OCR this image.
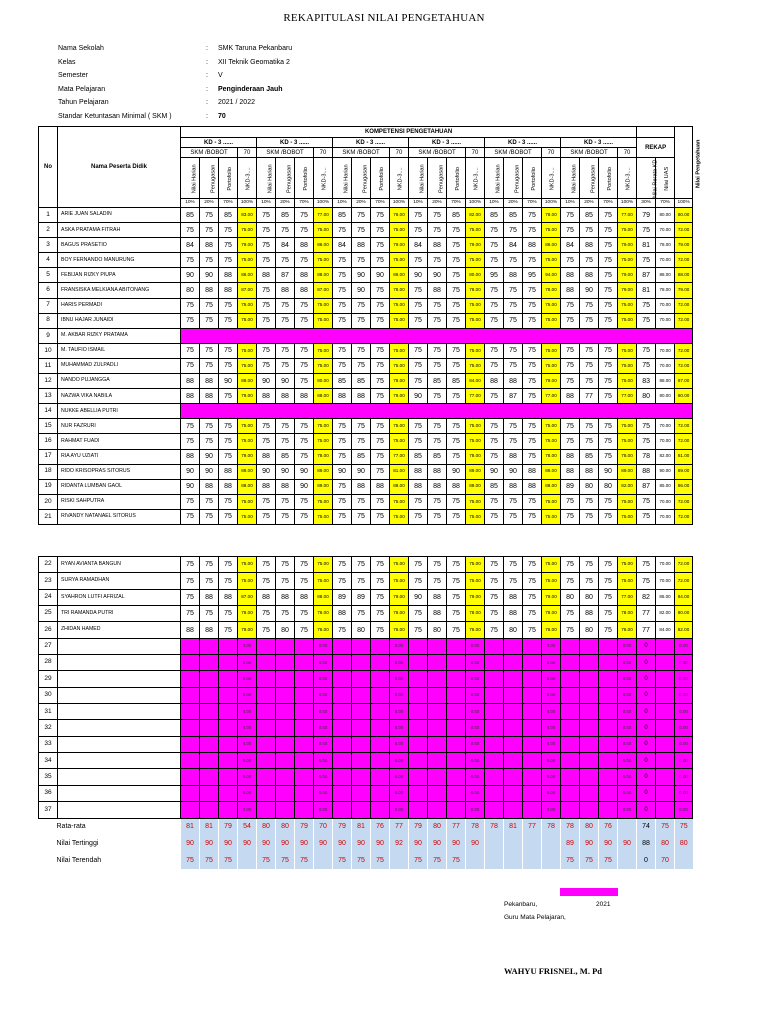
REKAPITULASI NILAI PENGETAHUAN
Nama Sekolah	:	SMK Taruna Pekanbaru
Kelas	:	XII Teknik Geomatika 2
Semester	:	V
Mata Pelajaran	:	Penginderaan Jauh
Tahun Pelajaran	:	2021 / 2022
Standar Ketuntasan Minimal ( SKM )	:	70
No	Nama Peserta Didik	KOMPETENSI PENGETAHUAN																										Nilai Pengetahuan
		KD - 3 ......				KD - 3 ......				KD - 3 ......				KD - 3 ......				KD - 3 ......				KD - 3 ......				REKAP		
		SKM /BOBOT			70	SKM /BOBOT			70	SKM /BOBOT			70	SKM /BOBOT			70	SKM /BOBOT			70	SKM /BOBOT			70			
		Nilai Harian	Penugasan	Portofolio	NKD-3....	Nilai Harian	Penugasan	Portofolio	NKD-3....	Nilai Harian	Penugasan	Portofolio	NKD-3....	Nilai Harian	Penugasan	Portofolio	NKD-3....	Nilai Harian	Penugasan	Portofolio	NKD-3....	Nilai Harian	Penugasan	Portofolio	NKD-3....	Nilai Rerata KD	Nilai UAS	
		10%	20%	70%	100%	10%	20%	70%	100%	10%	20%	70%	100%	10%	20%	70%	100%	10%	20%	70%	100%	10%	20%	70%	100%	30%	70%	100%
1	ARIE JUAN SALADIN	85	75	85	83.00	75	85	75	77.00	85	75	75	76.00	75	75	85	82.00	85	85	75	78.00	75	85	75	77.00	79	80.00	80.00
2	ASKA PRATAMA FITRAH	75	75	75	75.00	75	75	75	75.00	75	75	75	75.00	75	75	75	75.00	75	75	75	75.00	75	75	75	75.00	75	70.00	72.00
3	BAGUS PRASETIO	84	88	75	79.00	75	84	88	86.00	84	88	75	79.00	84	88	75	79.00	75	84	88	86.00	84	88	75	79.00	81	78.00	79.00
4	BOY FERNANDO MANURUNG	75	75	75	75.00	75	75	75	75.00	75	75	75	75.00	75	75	75	75.00	75	75	75	75.00	75	75	75	75.00	75	70.00	72.00
5	FEBIJAN RIZKY PIUPA	90	90	88	86.00	88	87	88	88.00	75	90	90	89.00	90	90	75	80.00	95	88	95	94.00	88	88	75	79.00	87	88.00	88.00
6	FRANSISKA MELKIANA ABITONANG	80	88	88	87.00	75	88	88	87.00	75	90	75	78.00	75	88	75	78.00	75	75	75	78.00	88	90	75	79.00	81	78.00	79.00
7	HARIS PERMADI	75	75	75	75.00	75	75	75	75.00	75	75	75	75.00	75	75	75	75.00	75	75	75	75.00	75	75	75	75.00	75	70.00	72.00
8	IBNU HAJAR JUNAIDI	75	75	75	75.00	75	75	75	75.00	75	75	75	75.00	75	75	75	75.00	75	75	75	75.00	75	75	75	75.00	75	70.00	72.00
9	M. AKBAR RIZKY PRATAMA																											
10	M. TAUFIO ISMAIL	75	75	75	75.00	75	75	75	75.00	75	75	75	75.00	75	75	75	75.00	75	75	75	75.00	75	75	75	75.00	75	70.00	72.00
11	MUHAMMAD ZULPADLI	75	75	75	75.00	75	75	75	75.00	75	75	75	75.00	75	75	75	75.00	75	75	75	75.00	75	75	75	75.00	75	70.00	72.00
12	NANDO PUJANGGA	88	88	90	89.00	90	90	75	80.00	85	85	75	78.00	75	85	85	84.00	88	88	75	79.00	75	75	75	75.00	83	88.00	87.00
13	NAZWA VIKA NABILA	88	88	75	79.00	88	88	88	88.00	88	88	75	79.00	90	75	75	77.00	75	87	75	77.00	88	77	75	77.00	80	80.00	80.00
14	NUKKE ABELLIA PUTRI																											
15	NUR FAZRURI	75	75	75	75.00	75	75	75	75.00	75	75	75	75.00	75	75	75	75.00	75	75	75	75.00	75	75	75	75.00	75	70.00	72.00
16	RAHMAT FUADI	75	75	75	75.00	75	75	75	75.00	75	75	75	75.00	75	75	75	75.00	75	75	75	75.00	75	75	75	75.00	75	70.00	72.00
17	RIA AYU UZIATI	88	90	75	79.00	88	85	75	78.00	75	85	75	77.00	85	85	75	78.00	75	88	75	78.00	88	85	75	78.00	78	82.00	81.00
18	RIDO KRISOPRAS SITORUS	90	90	88	89.00	90	90	90	89.00	90	90	75	81.00	88	88	90	89.00	90	90	88	89.00	88	88	90	89.00	88	90.00	89.00
19	RIDANTA LUMBAN GAOL	90	88	88	88.00	88	88	90	89.00	75	88	88	88.00	88	88	88	88.00	85	88	88	88.00	89	80	80	82.00	87	85.00	86.00
20	RISKI SAHPUTRA	75	75	75	75.00	75	75	75	75.00	75	75	75	75.00	75	75	75	75.00	75	75	75	75.00	75	75	75	75.00	75	70.00	72.00
21	RIVANDY NATANAEL SITORUS	75	75	75	75.00	75	75	75	75.00	75	75	75	75.00	75	75	75	75.00	75	75	75	75.00	75	75	75	75.00	75	70.00	72.00
22	RYAN AVIANTA BANGUN	75	75	75	75.00	75	75	75	75.00	75	75	75	75.00	75	75	75	75.00	75	75	75	75.00	75	75	75	75.00	75	70.00	72.00
23	SURYA RAMADHAN	75	75	75	75.00	75	75	75	75.00	75	75	75	75.00	75	75	75	75.00	75	75	75	75.00	75	75	75	75.00	75	70.00	72.00
24	SYAHRON LUTFI AFRIZAL	75	88	88	87.00	88	88	88	88.00	89	89	75	79.00	90	88	75	79.00	75	88	75	79.00	80	80	75	77.00	82	85.00	84.00
25	TRI RAMANDA PUTRI	75	75	75	76.00	75	75	75	76.00	88	75	75	76.00	75	88	75	78.00	75	88	75	78.00	75	88	75	78.00	77	82.00	80.00
26	ZHIDAN HAMED	88	88	75	79.00	75	80	75	76.00	75	80	75	76.00	75	80	75	76.00	75	80	75	76.00	75	80	75	76.00	77	84.00	82.00
27					0.00				0.00				0.00				0.00				0.00				0.00	0		0.00
28					0.00				0.00				0.00				0.00				0.00				0.00	0		0.00
29					0.00				0.00				0.00				0.00				0.00				0.00	0		0.00
30					0.00				0.00				0.00				0.00				0.00				0.00	0		0.00
31					0.00				0.00				0.00				0.00				0.00				0.00	0		0.00
32					0.00				0.00				0.00				0.00				0.00				0.00	0		0.00
33					0.00				0.00				0.00				0.00				0.00				0.00	0		0.00
34					0.00				0.00				0.00				0.00				0.00				0.00	0		0.00
35					0.00				0.00				0.00				0.00				0.00				0.00	0		0.00
36					0.00				0.00				0.00				0.00				0.00				0.00	0		0.00
37					0.00				0.00				0.00				0.00				0.00				0.00	0		0.00
Rata-rata		81	81	79	54	80	80	79	70	79	81	76	77	79	80	77	78	78	81	77	78	78	80	76		74	75	75
Nilai Tertinggi		90	90	90	90	90	90	90	90	90	90	90	92	90	90	90	90					89	90	90	90	88	80	80
Nilai Terendah		75	75	75		75	75	75		75	75	75		75	75	75						75	75	75		0	70	
Pekanbaru,	2021
Guru Mata Pelajaran,
WAHYU FRISNEL, M. Pd
